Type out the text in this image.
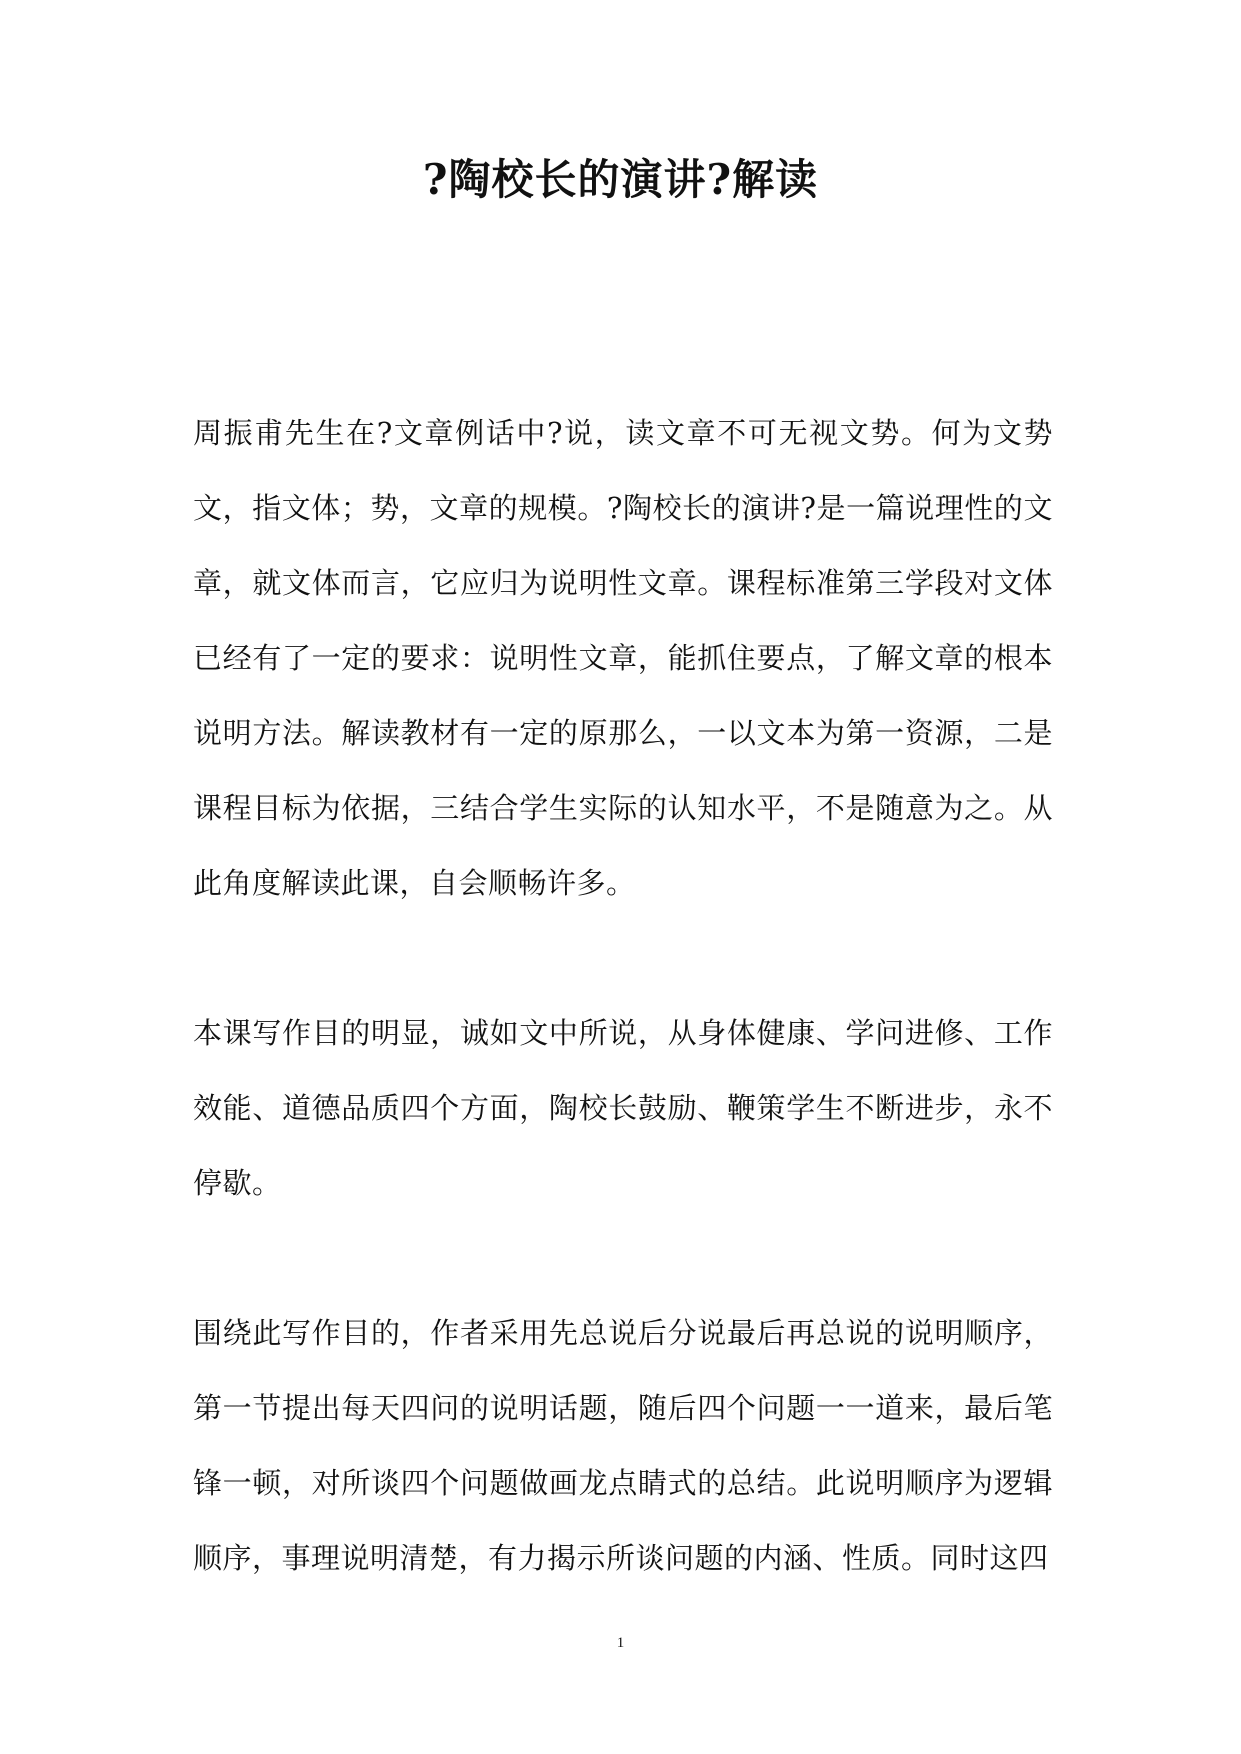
?陶校长的演讲?解读

周振甫先生在?文章例话中?说，读文章不可无视文势。何为文势文，指文体；势，文章的规模。?陶校长的演讲?是一篇说理性的文章，就文体而言，它应归为说明性文章。课程标准第三学段对文体已经有了一定的要求：说明性文章，能抓住要点，了解文章的根本说明方法。解读教材有一定的原那么，一以文本为第一资源，二是课程目标为依据，三结合学生实际的认知水平，不是随意为之。从此角度解读此课，自会顺畅许多。

本课写作目的明显，诚如文中所说，从身体健康、学问进修、工作效能、道德品质四个方面，陶校长鼓励、鞭策学生不断进步，永不停歇。

围绕此写作目的，作者采用先总说后分说最后再总说的说明顺序，第一节提出每天四问的说明话题，随后四个问题一一道来，最后笔锋一顿，对所谈四个问题做画龙点睛式的总结。此说明顺序为逻辑顺序，事理说明清楚，有力揭示所谈问题的内涵、性质。同时这四

1
